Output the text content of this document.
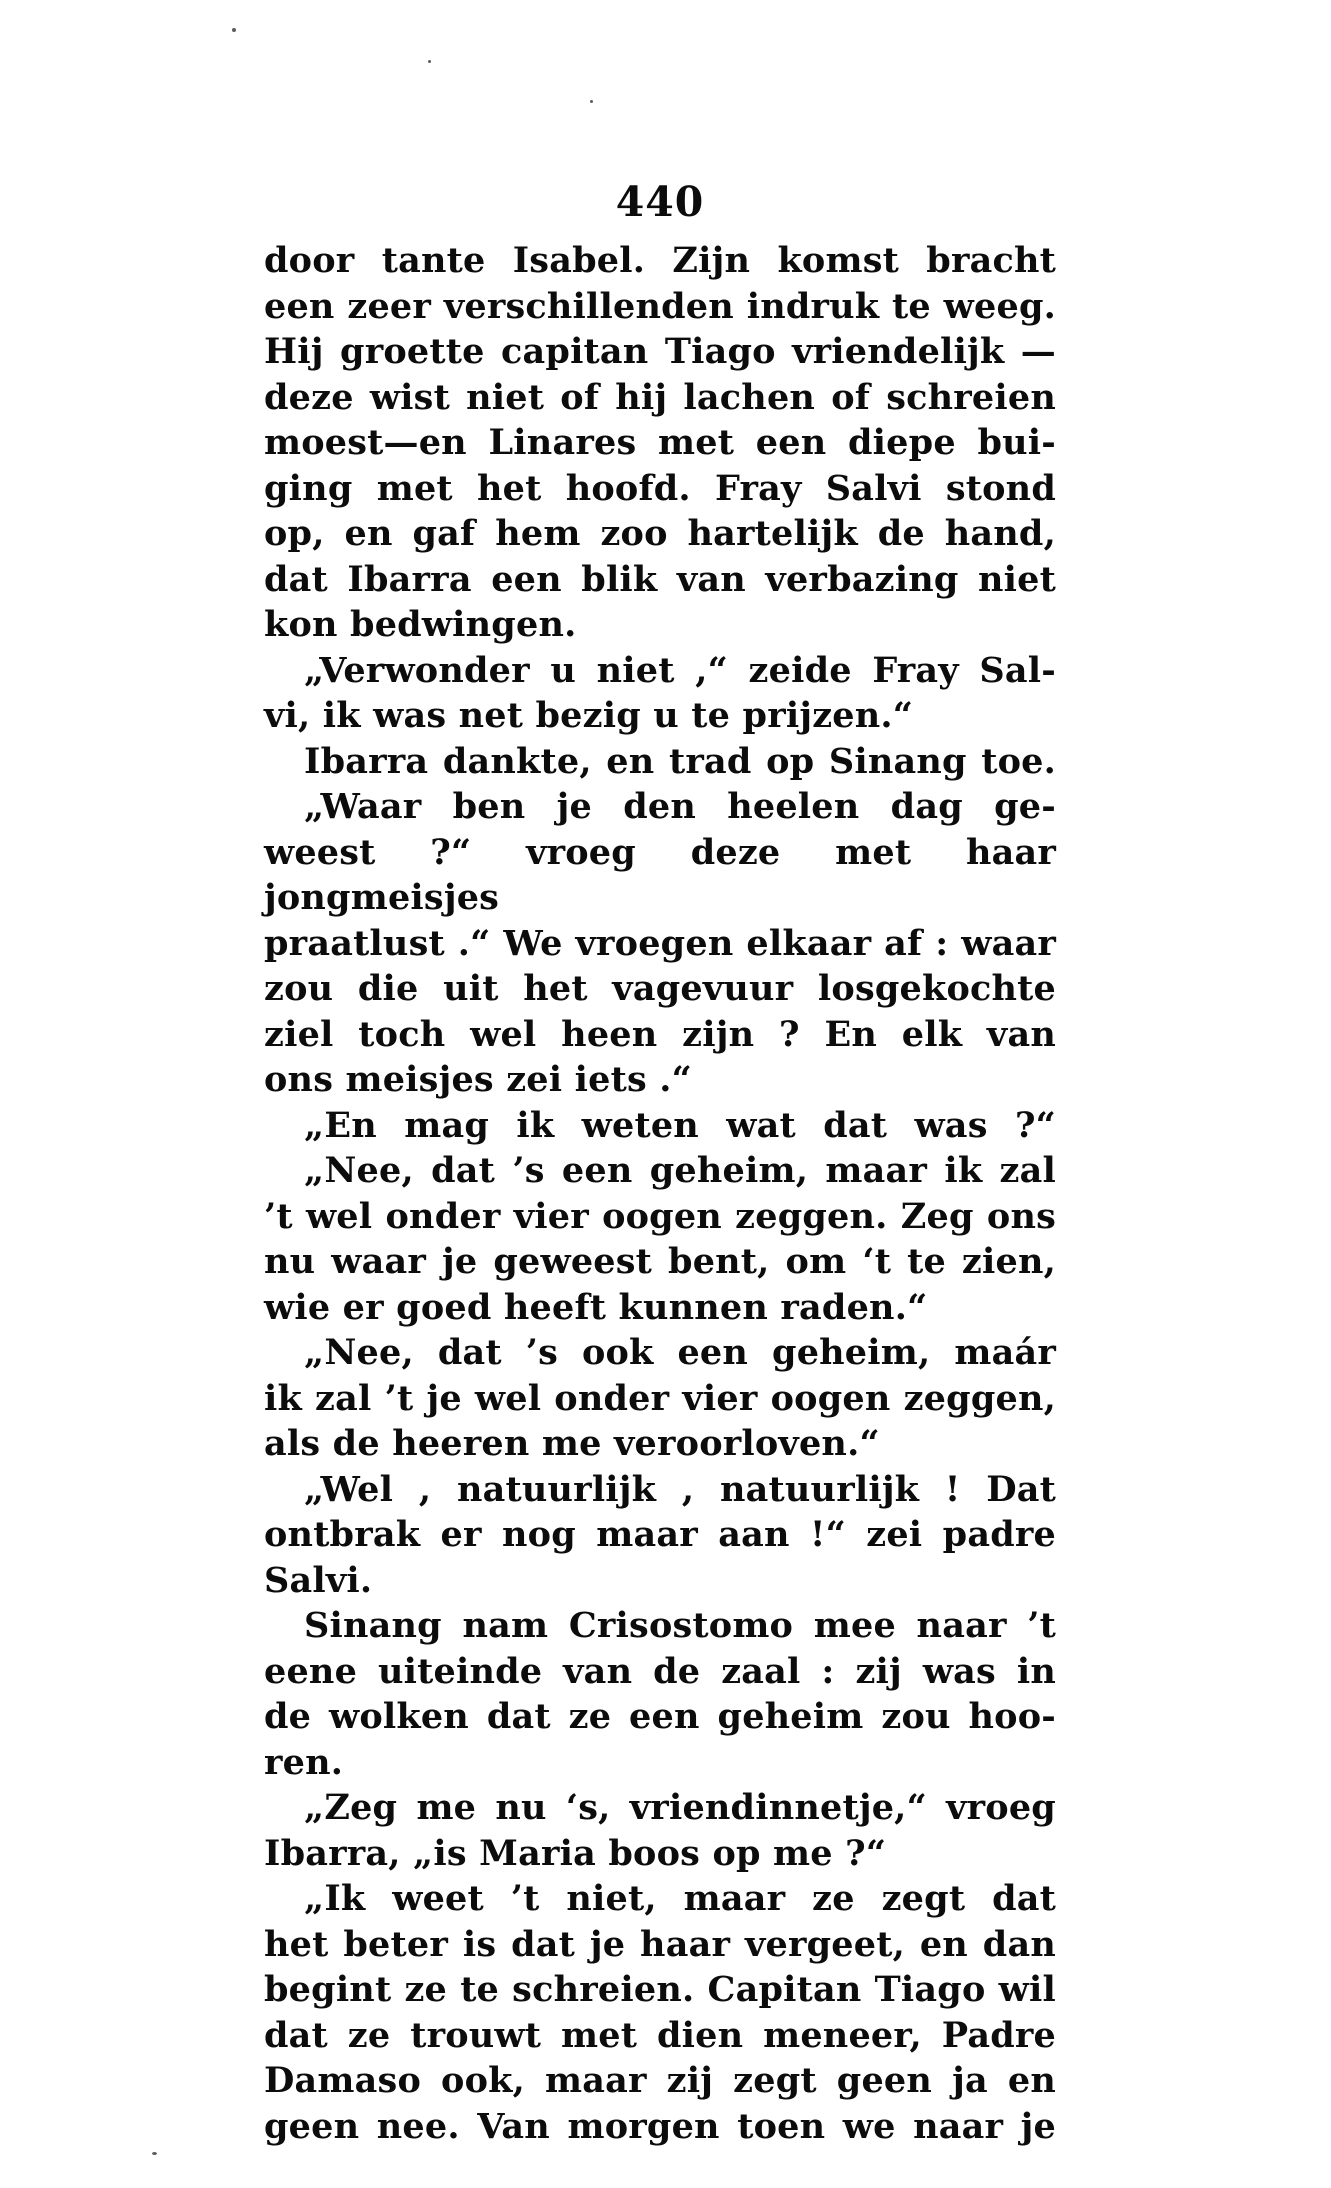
440
door tante Isabel. Zijn komst bracht
een zeer verschillenden indruk te weeg.
Hij groette capitan Tiago vriendelijk —
deze wist niet of hij lachen of schreien
moest—en Linares met een diepe bui-
ging met het hoofd. Fray Salvi stond
op, en gaf hem zoo hartelijk de hand,
dat Ibarra een blik van verbazing niet
kon bedwingen.
„Verwonder u niet ,“ zeide Fray Sal-
vi, ik was net bezig u te prijzen.“
Ibarra dankte, en trad op Sinang toe.
„Waar ben je den heelen dag ge-
weest ?“ vroeg deze met haar jongmeisjes
praatlust .“ We vroegen elkaar af : waar
zou die uit het vagevuur losgekochte
ziel toch wel heen zijn ? En elk van
ons meisjes zei iets .“
„En mag ik weten wat dat was ?“
„Nee, dat ’s een geheim, maar ik zal
’t wel onder vier oogen zeggen. Zeg ons
nu waar je geweest bent, om ‘t te zien,
wie er goed heeft kunnen raden.“
„Nee, dat ’s ook een geheim, maár
ik zal ’t je wel onder vier oogen zeggen,
als de heeren me veroorloven.“
„Wel , natuurlijk , natuurlijk ! Dat
ontbrak er nog maar aan !“ zei padre
Salvi.
Sinang nam Crisostomo mee naar ’t
eene uiteinde van de zaal : zij was in
de wolken dat ze een geheim zou hoo-
ren.
„Zeg me nu ‘s, vriendinnetje,“ vroeg
Ibarra, „is Maria boos op me ?“
„Ik weet ’t niet, maar ze zegt dat
het beter is dat je haar vergeet, en dan
begint ze te schreien. Capitan Tiago wil
dat ze trouwt met dien meneer, Padre
Damaso ook, maar zij zegt geen ja en
geen nee. Van morgen toen we naar je
